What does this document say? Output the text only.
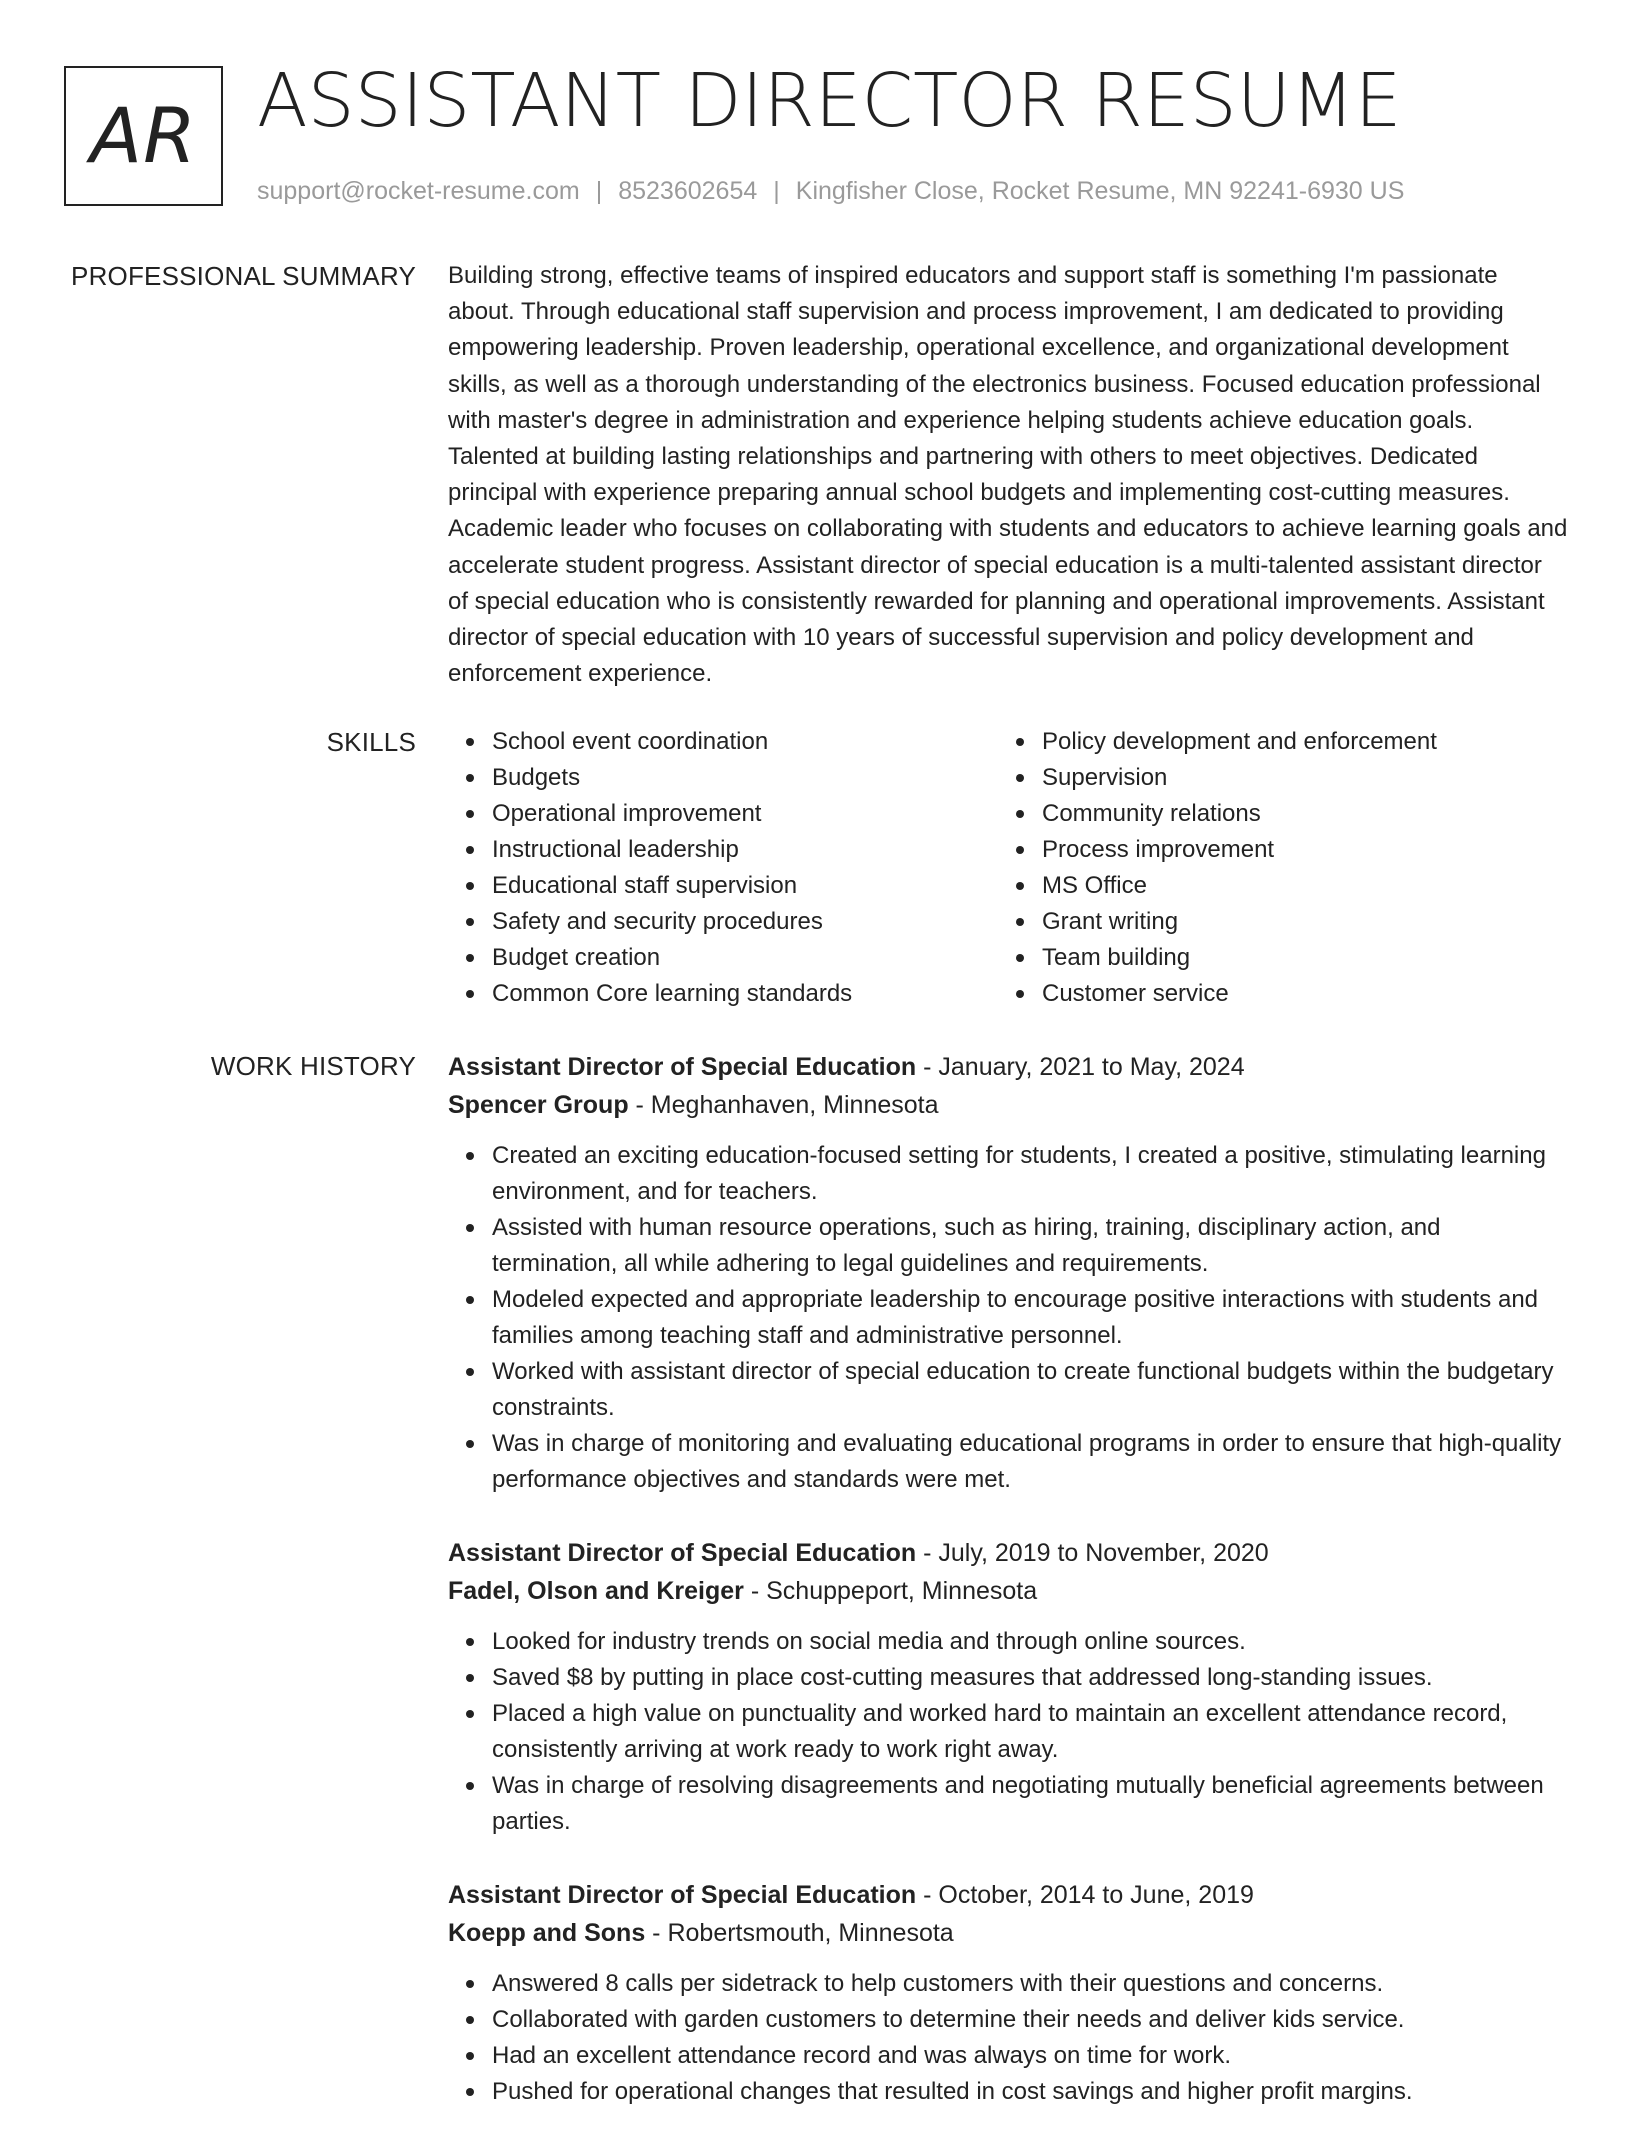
AR ASSISTANT DIRECTOR RESUME
support@rocket-resume.com | 8523602654 | Kingfisher Close, Rocket Resume, MN 92241-6930 US
PROFESSIONAL SUMMARY Building strong, effective teams of inspired educators and support staff is something I'm passionate about. Through educational staff supervision and process improvement, I am dedicated to providing empowering leadership. Proven leadership, operational excellence, and organizational development skills, as well as a thorough understanding of the electronics business. Focused education professional with master's degree in administration and experience helping students achieve education goals. Talented at building lasting relationships and partnering with others to meet objectives. Dedicated principal with experience preparing annual school budgets and implementing cost-cutting measures. Academic leader who focuses on collaborating with students and educators to achieve learning goals and accelerate student progress. Assistant director of special education is a multi-talented assistant director of special education who is consistently rewarded for planning and operational improvements. Assistant director of special education with 10 years of successful supervision and policy development and enforcement experience.

SKILLS	School event coordination
Budgets
Operational improvement
Instructional leadership
Educational staff supervision
Safety and security procedures
Budget creation
Common Core learning standards
Policy development and enforcement
Supervision
Community relations
Process improvement
MS Office
Grant writing
Team building
Customer service
WORK HISTORY Assistant Director of Special Education - January, 2021 to May, 2024
Spencer Group - Meghanhaven, Minnesota
Created an exciting education-focused setting for students, I created a positive, stimulating learning environment, and for teachers.
Assisted with human resource operations, such as hiring, training, disciplinary action, and termination, all while adhering to legal guidelines and requirements.
Modeled expected and appropriate leadership to encourage positive interactions with students and families among teaching staff and administrative personnel.
Worked with assistant director of special education to create functional budgets within the budgetary constraints.
Was in charge of monitoring and evaluating educational programs in order to ensure that high-quality performance objectives and standards were met.
Assistant Director of Special Education - July, 2019 to November, 2020
Fadel, Olson and Kreiger - Schuppeport, Minnesota
Looked for industry trends on social media and through online sources.
Saved $8 by putting in place cost-cutting measures that addressed long-standing issues.
Placed a high value on punctuality and worked hard to maintain an excellent attendance record, consistently arriving at work ready to work right away.
Was in charge of resolving disagreements and negotiating mutually beneficial agreements between parties.
Assistant Director of Special Education - October, 2014 to June, 2019
Koepp and Sons - Robertsmouth, Minnesota
Answered 8 calls per sidetrack to help customers with their questions and concerns.
Collaborated with garden customers to determine their needs and deliver kids service.
Had an excellent attendance record and was always on time for work.
Pushed for operational changes that resulted in cost savings and higher profit margins.
